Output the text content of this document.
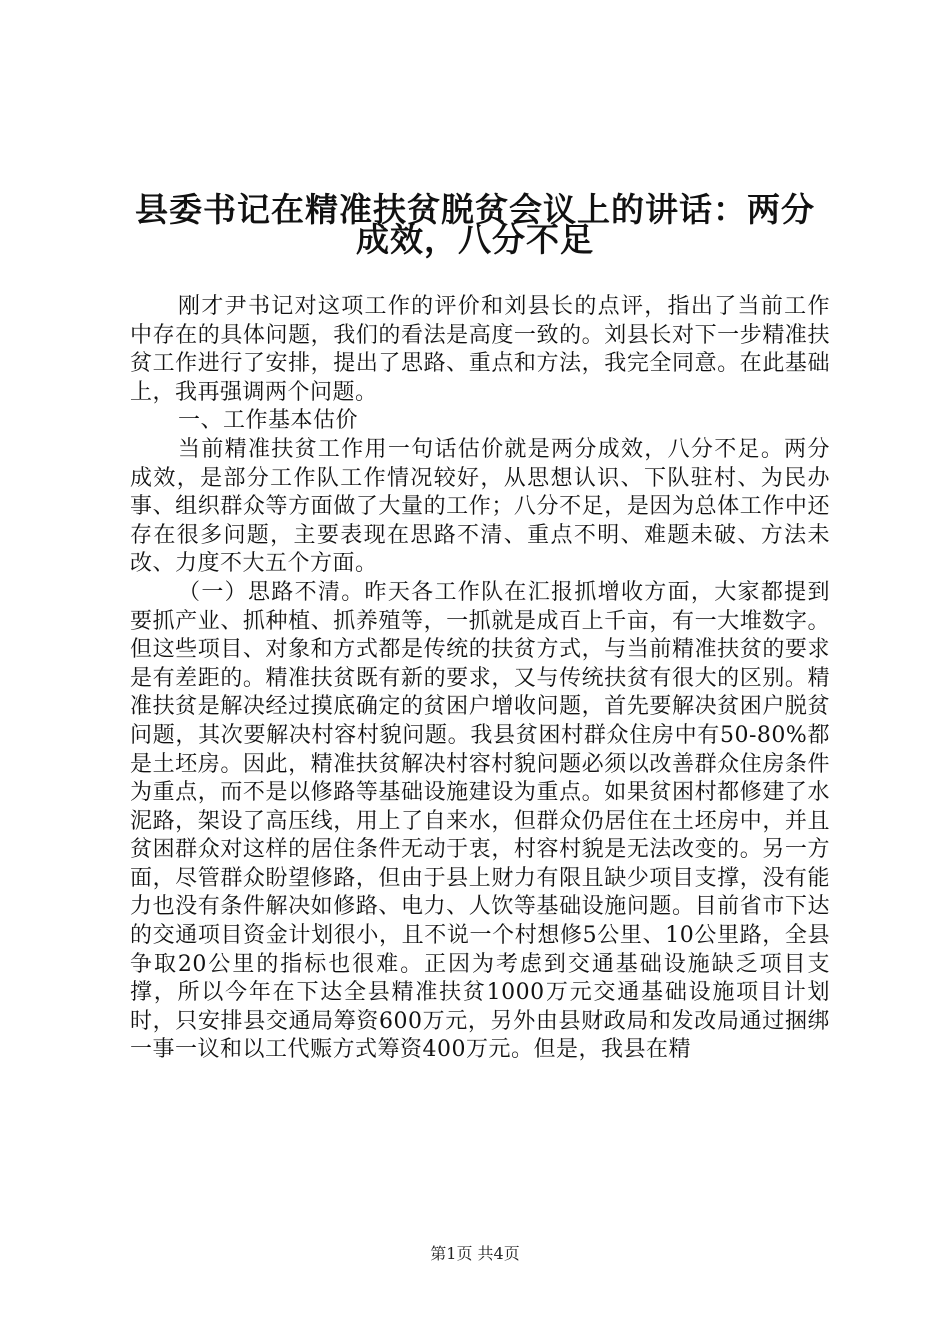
县委书记在精准扶贫脱贫会议上的讲话：两分
成效，八分不足

刚才尹书记对这项工作的评价和刘县长的点评，指出了当前工作中存在的具体问题，我们的看法是高度一致的。刘县长对下一步精准扶贫工作进行了安排，提出了思路、重点和方法，我完全同意。在此基础上，我再强调两个问题。

一、工作基本估价

当前精准扶贫工作用一句话估价就是两分成效，八分不足。两分成效，是部分工作队工作情况较好，从思想认识、下队驻村、为民办事、组织群众等方面做了大量的工作；八分不足，是因为总体工作中还存在很多问题，主要表现在思路不清、重点不明、难题未破、方法未改、力度不大五个方面。

（一）思路不清。昨天各工作队在汇报抓增收方面，大家都提到要抓产业、抓种植、抓养殖等，一抓就是成百上千亩，有一大堆数字。但这些项目、对象和方式都是传统的扶贫方式，与当前精准扶贫的要求是有差距的。精准扶贫既有新的要求，又与传统扶贫有很大的区别。精准扶贫是解决经过摸底确定的贫困户增收问题，首先要解决贫困户脱贫问题，其次要解决村容村貌问题。我县贫困村群众住房中有50-80%都是土坯房。因此，精准扶贫解决村容村貌问题必须以改善群众住房条件为重点，而不是以修路等基础设施建设为重点。如果贫困村都修建了水泥路，架设了高压线，用上了自来水，但群众仍居住在土坯房中，并且贫困群众对这样的居住条件无动于衷，村容村貌是无法改变的。另一方面，尽管群众盼望修路，但由于县上财力有限且缺少项目支撑，没有能力也没有条件解决如修路、电力、人饮等基础设施问题。目前省市下达的交通项目资金计划很小，且不说一个村想修5公里、10公里路，全县争取20公里的指标也很难。正因为考虑到交通基础设施缺乏项目支撑，所以今年在下达全县精准扶贫1000万元交通基础设施项目计划时，只安排县交通局筹资600万元，另外由县财政局和发改局通过捆绑一事一议和以工代赈方式筹资400万元。但是，我县在精

第1页 共4页
